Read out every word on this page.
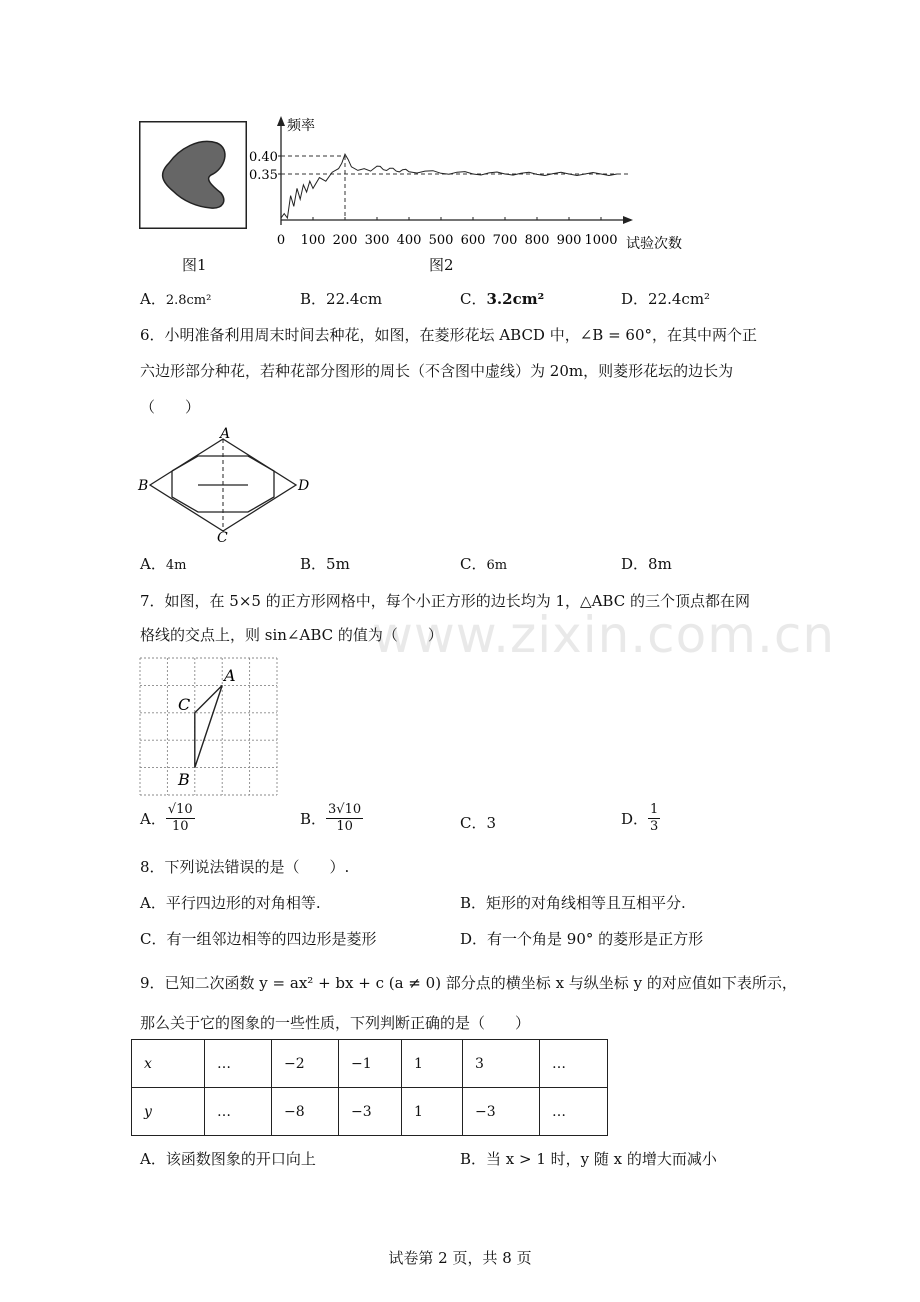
频率
试验次数
0.40
0.35
0 100 200 300 400 500 600 700 800 900 1000
图1	图2
A．2.8cm²	B．22.4cm	C．3.2cm²	D．22.4cm²
6．小明准备利用周末时间去种花，如图，在菱形花坛 ABCD 中，∠B = 60°，在其中两个正
六边形部分种花，若种花部分图形的周长（不含图中虚线）为 20m，则菱形花坛的边长为
（　　）
A
B
C
D
A．4m	B．5m	C．6m	D．8m
7．如图，在 5×5 的正方形网格中，每个小正方形的边长均为 1，△ABC 的三个顶点都在网
格线的交点上，则 sin∠ABC 的值为（　　）
A
C
B
A． $\frac{√10}{10}$	B． $\frac{3√10}{10}$	C．3	D． $\frac{1}{3}$
8．下列说法错误的是（　　）.
A．平行四边形的对角相等.	B．矩形的对角线相等且互相平分.
C．有一组邻边相等的四边形是菱形	D．有一个角是 90° 的菱形是正方形
9．已知二次函数 y = ax² + bx + c (a ≠ 0) 部分点的横坐标 x 与纵坐标 y 的对应值如下表所示，
那么关于它的图象的一些性质，下列判断正确的是（　　）
x	…	−2	−1	1	3	…
y	…	−8	−3	1	−3	…
A．该函数图象的开口向上	B．当 x > 1 时，y 随 x 的增大而减小
www.zixin.com.cn
试卷第 2 页，共 8 页
